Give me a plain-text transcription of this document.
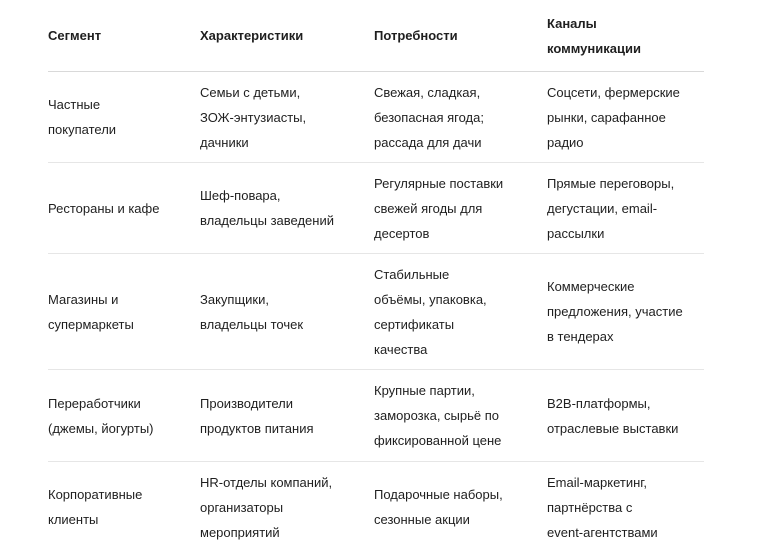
Сегмент	Характеристики	Потребности	Каналы коммуникации

Частные покупатели	Семьи с детьми, ЗОЖ-энтузиасты, дачники	Свежая, сладкая, безопасная ягода; рассада для дачи	Соцсети, фермерские рынки, сарафанное радио

Рестораны и кафе	Шеф-повара, владельцы заведений	Регулярные поставки свежей ягоды для десертов	Прямые переговоры, дегустации, email-рассылки

Магазины и супермаркеты	Закупщики, владельцы точек	Стабильные объёмы, упаковка, сертификаты качества	Коммерческие предложения, участие в тендерах

Переработчики (джемы, йогурты)	Производители продуктов питания	Крупные партии, заморозка, сырьё по фиксированной цене	B2B-платформы, отраслевые выставки

Корпоративные клиенты	HR-отделы компаний, организаторы мероприятий	Подарочные наборы, сезонные акции	Email-маркетинг, партнёрства с event-агентствами
